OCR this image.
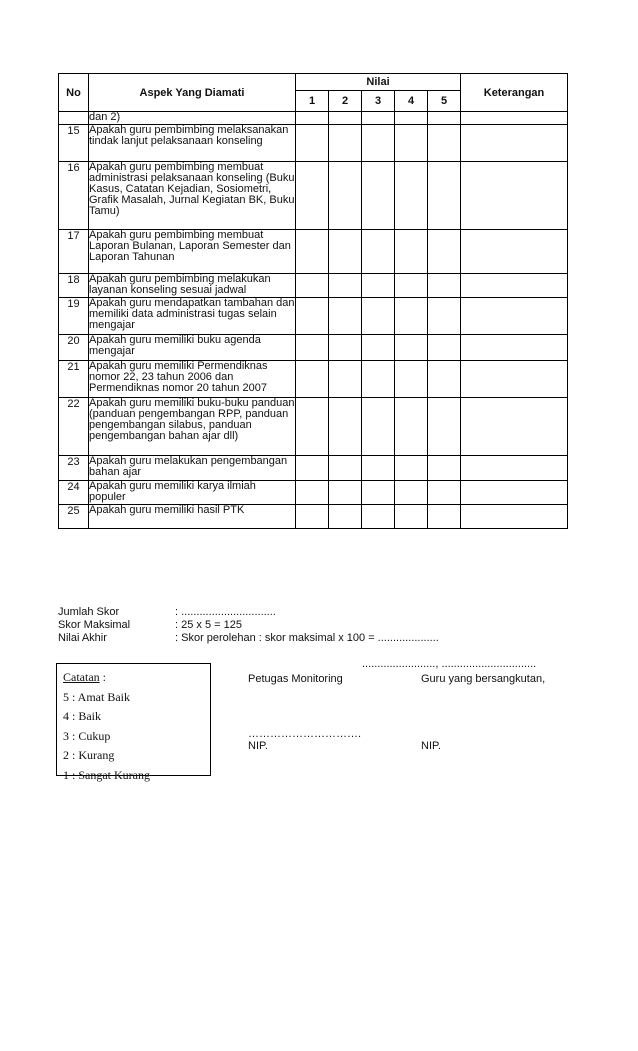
No	Aspek Yang Diamati	Nilai					Keterangan
		1	2	3	4	5	
	dan 2)						
15	Apakah guru pembimbing melaksanakan tindak lanjut pelaksanaan konseling						
16	Apakah guru pembimbing membuat administrasi pelaksanaan konseling (Buku Kasus, Catatan Kejadian, Sosiometri, Grafik Masalah, Jurnal Kegiatan BK, Buku Tamu)						
17	Apakah guru pembimbing membuat Laporan Bulanan, Laporan Semester dan Laporan Tahunan						
18	Apakah guru pembimbing melakukan layanan konseling sesuai jadwal						
19	Apakah guru mendapatkan tambahan dan memiliki data administrasi tugas selain mengajar						
20	Apakah guru memiliki buku agenda mengajar						
21	Apakah guru memiliki Permendiknas nomor 22, 23 tahun 2006 dan Permendiknas nomor 20 tahun 2007						
22	Apakah guru memiliki buku-buku panduan (panduan pengembangan RPP, panduan pengembangan silabus, panduan pengembangan bahan ajar dll)						
23	Apakah guru melakukan pengembangan bahan ajar						
24	Apakah guru memiliki karya ilmiah populer						
25	Apakah guru memiliki hasil PTK						
Jumlah Skor	: ...............................
Skor Maksimal	: 25 x 5 = 125
Nilai Akhir	: Skor perolehan : skor maksimal x 100 = ....................
Catatan :
5 : Amat Baik
4 : Baik
3 : Cukup
2 : Kurang
1 : Sangat Kurang
........................, ...............................
Petugas Monitoring	Guru yang bersangkutan,
………………………….
NIP.	NIP.
